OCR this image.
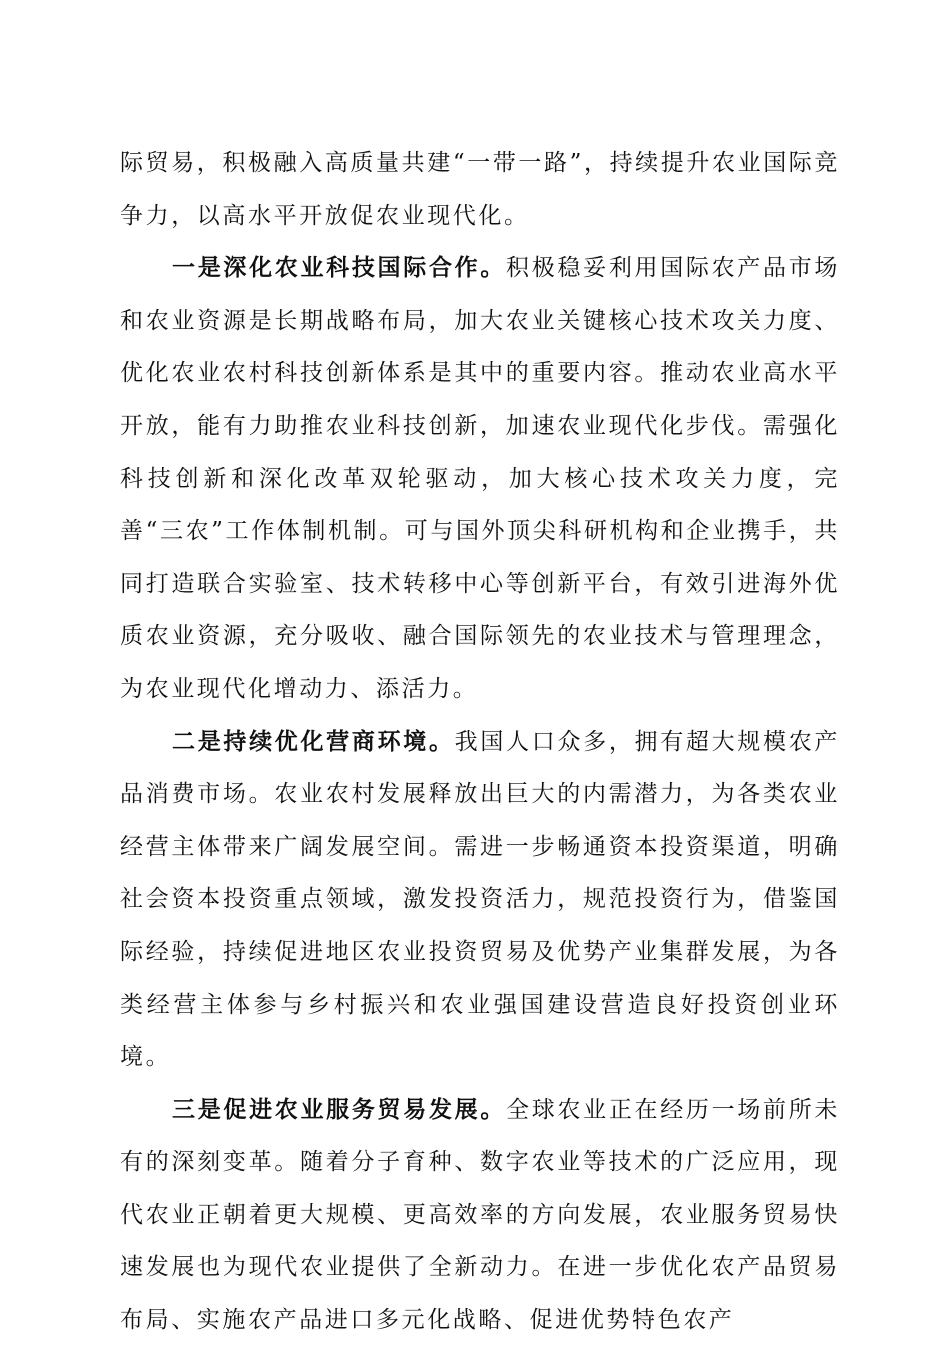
际贸易，积极融入高质量共建“一带一路”，持续提升农业国际竞争力，以高水平开放促农业现代化。

一是深化农业科技国际合作。积极稳妥利用国际农产品市场和农业资源是长期战略布局，加大农业关键核心技术攻关力度、优化农业农村科技创新体系是其中的重要内容。推动农业高水平开放，能有力助推农业科技创新，加速农业现代化步伐。需强化科技创新和深化改革双轮驱动，加大核心技术攻关力度，完善“三农”工作体制机制。可与国外顶尖科研机构和企业携手，共同打造联合实验室、技术转移中心等创新平台，有效引进海外优质农业资源，充分吸收、融合国际领先的农业技术与管理理念，为农业现代化增动力、添活力。

二是持续优化营商环境。我国人口众多，拥有超大规模农产品消费市场。农业农村发展释放出巨大的内需潜力，为各类农业经营主体带来广阔发展空间。需进一步畅通资本投资渠道，明确社会资本投资重点领域，激发投资活力，规范投资行为，借鉴国际经验，持续促进地区农业投资贸易及优势产业集群发展，为各类经营主体参与乡村振兴和农业强国建设营造良好投资创业环境。

三是促进农业服务贸易发展。全球农业正在经历一场前所未有的深刻变革。随着分子育种、数字农业等技术的广泛应用，现代农业正朝着更大规模、更高效率的方向发展，农业服务贸易快速发展也为现代农业提供了全新动力。在进一步优化农产品贸易布局、实施农产品进口多元化战略、促进优势特色农产
